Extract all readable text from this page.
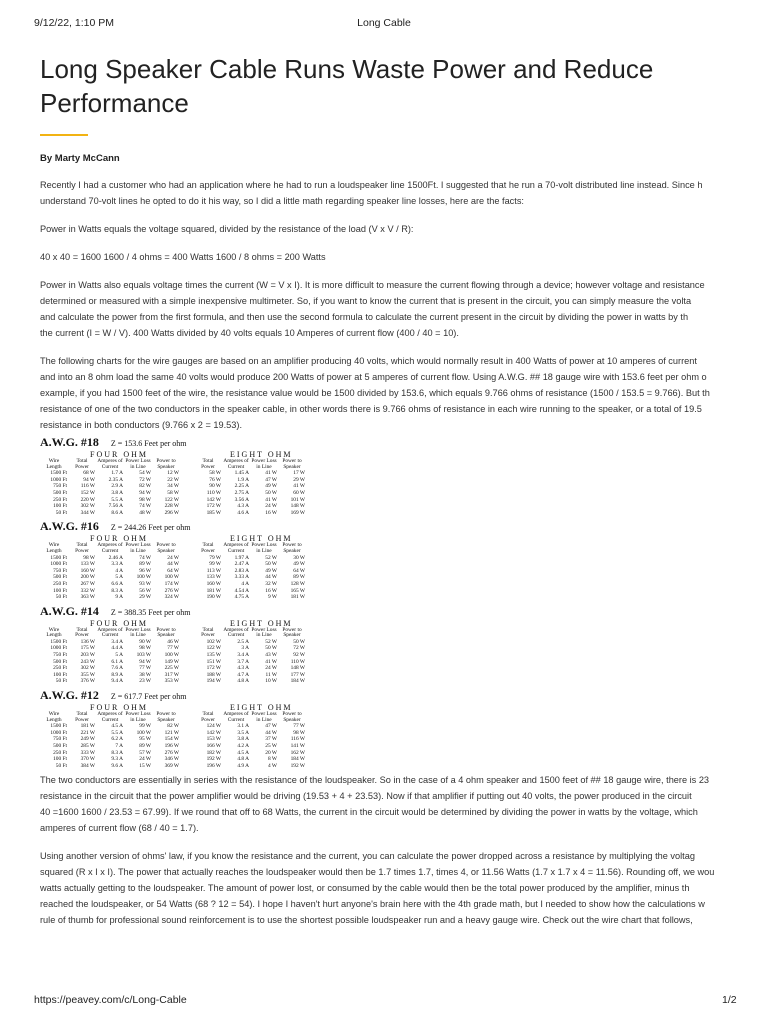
9/12/22, 1:10 PM	Long Cable
Long Speaker Cable Runs Waste Power and Reduce
Performance
By Marty McCann
Recently I had a customer who had an application where he had to run a loudspeaker line 1500Ft. I suggested that he run a 70-volt distributed line instead. Since h
understand 70-volt lines he opted to do it his way, so I did a little math regarding speaker line losses, here are the facts:
Power in Watts equals the voltage squared, divided by the resistance of the load (V x V / R):
40 x 40 = 1600 1600 / 4 ohms = 400 Watts 1600 / 8 ohms = 200 Watts
Power in Watts also equals voltage times the current (W = V x I). It is more difficult to measure the current flowing through a device; however voltage and resistance
determined or measured with a simple inexpensive multimeter. So, if you want to know the current that is present in the circuit, you can simply measure the volta
and calculate the power from the first formula, and then use the second formula to calculate the current present in the circuit by dividing the power in watts by th
the current (I = W / V). 400 Watts divided by 40 volts equals 10 Amperes of current flow (400 / 40 = 10).
The following charts for the wire gauges are based on an amplifier producing 40 volts, which would normally result in 400 Watts of power at 10 amperes of current
and into an 8 ohm load the same 40 volts would produce 200 Watts of power at 5 amperes of current flow. Using A.W.G. ## 18 gauge wire with 153.6 feet per ohm o
example, if you had 1500 feet of the wire, the resistance value would be 1500 divided by 153.6, which equals 9.766 ohms of resistance (1500 / 153.5 = 9.766). But th
resistance of one of the two conductors in the speaker cable, in other words there is 9.766 ohms of resistance in each wire running to the speaker, or a total of 19.5
resistance in both conductors (9.766 x 2 = 19.53).
A.W.G. #18 Z = 153.6 Feet per ohm
FOUR OHM	EIGHT OHM
Wire Length	Total Power	Amperes of Current	Power Loss in Line	Power to Speaker		Total Power	Amperes of Current	Power Loss in Line	Power to Speaker
1500 Ft	68 W	1.7 A	54 W	12 W		58 W	1.45 A	41 W	17 W
1000 Ft	94 W	2.35 A	72 W	22 W		76 W	1.9 A	47 W	29 W
750 Ft	116 W	2.9 A	82 W	34 W		90 W	2.25 A	49 W	41 W
500 Ft	152 W	3.8 A	94 W	58 W		110 W	2.75 A	50 W	60 W
250 Ft	220 W	5.5 A	98 W	122 W		142 W	3.56 A	41 W	101 W
100 Ft	302 W	7.56 A	74 W	228 W		172 W	4.3 A	24 W	148 W
50 Ft	344 W	8.6 A	48 W	296 W		185 W	4.6 A	16 W	169 W
A.W.G. #16 Z = 244.26 Feet per ohm
FOUR OHM	EIGHT OHM
Wire Length	Total Power	Amperes of Current	Power Loss in Line	Power to Speaker		Total Power	Amperes of Current	Power Loss in Line	Power to Speaker
1500 Ft	98 W	2.46 A	74 W	24 W		79 W	1.97 A	52 W	30 W
1000 Ft	133 W	3.3 A	89 W	44 W		99 W	2.47 A	50 W	49 W
750 Ft	160 W	4 A	96 W	64 W		113 W	2.83 A	49 W	64 W
500 Ft	200 W	5 A	100 W	100 W		133 W	3.33 A	44 W	89 W
250 Ft	267 W	6.6 A	93 W	174 W		160 W	4 A	32 W	128 W
100 Ft	332 W	8.3 A	56 W	276 W		181 W	4.54 A	16 W	165 W
50 Ft	363 W	9 A	29 W	324 W		190 W	4.75 A	9 W	181 W
A.W.G. #14 Z = 388.35 Feet per ohm
FOUR OHM	EIGHT OHM
Wire Length	Total Power	Amperes of Current	Power Loss in Line	Power to Speaker		Total Power	Amperes of Current	Power Loss in Line	Power to Speaker
1500 Ft	136 W	3.4 A	90 W	46 W		102 W	2.5 A	52 W	50 W
1000 Ft	175 W	4.4 A	98 W	77 W		122 W	3 A	50 W	72 W
750 Ft	203 W	5 A	103 W	100 W		135 W	3.4 A	43 W	92 W
500 Ft	243 W	6.1 A	94 W	149 W		151 W	3.7 A	41 W	110 W
250 Ft	302 W	7.6 A	77 W	225 W		172 W	4.3 A	24 W	148 W
100 Ft	355 W	8.9 A	38 W	317 W		188 W	4.7 A	11 W	177 W
50 Ft	376 W	9.4 A	23 W	353 W		194 W	4.8 A	10 W	184 W
A.W.G. #12 Z = 617.7 Feet per ohm
FOUR OHM	EIGHT OHM
Wire Length	Total Power	Amperes of Current	Power Loss in Line	Power to Speaker		Total Power	Amperes of Current	Power Loss in Line	Power to Speaker
1500 Ft	181 W	4.5 A	99 W	82 W		124 W	3.1 A	47 W	77 W
1000 Ft	221 W	5.5 A	100 W	121 W		142 W	3.5 A	44 W	98 W
750 Ft	249 W	6.2 A	95 W	154 W		153 W	3.8 A	37 W	116 W
500 Ft	285 W	7 A	89 W	196 W		166 W	4.2 A	25 W	141 W
250 Ft	333 W	8.3 A	57 W	276 W		182 W	4.5 A	20 W	162 W
100 Ft	370 W	9.3 A	24 W	346 W		192 W	4.8 A	8 W	184 W
50 Ft	384 W	9.6 A	15 W	369 W		196 W	4.9 A	4 W	192 W
The two conductors are essentially in series with the resistance of the loudspeaker. So in the case of a 4 ohm speaker and 1500 feet of ## 18 gauge wire, there is 23
resistance in the circuit that the power amplifier would be driving (19.53 + 4 + 23.53). Now if that amplifier if putting out 40 volts, the power produced in the circuit
40 =1600 1600 / 23.53 = 67.99). If we round that off to 68 Watts, the current in the circuit would be determined by dividing the power in watts by the voltage, which
amperes of current flow (68 / 40 = 1.7).
Using another version of ohms' law, if you know the resistance and the current, you can calculate the power dropped across a resistance by multiplying the voltag
squared (R x I x I). The power that actually reaches the loudspeaker would then be 1.7 times 1.7, times 4, or 11.56 Watts (1.7 x 1.7 x 4 = 11.56). Rounding off, we wou
watts actually getting to the loudspeaker. The amount of power lost, or consumed by the cable would then be the total power produced by the amplifier, minus th
reached the loudspeaker, or 54 Watts (68 ? 12 = 54). I hope I haven't hurt anyone's brain here with the 4th grade math, but I needed to show how the calculations w
rule of thumb for professional sound reinforcement is to use the shortest possible loudspeaker run and a heavy gauge wire. Check out the wire chart that follows,
https://peavey.com/c/Long-Cable	1/2
